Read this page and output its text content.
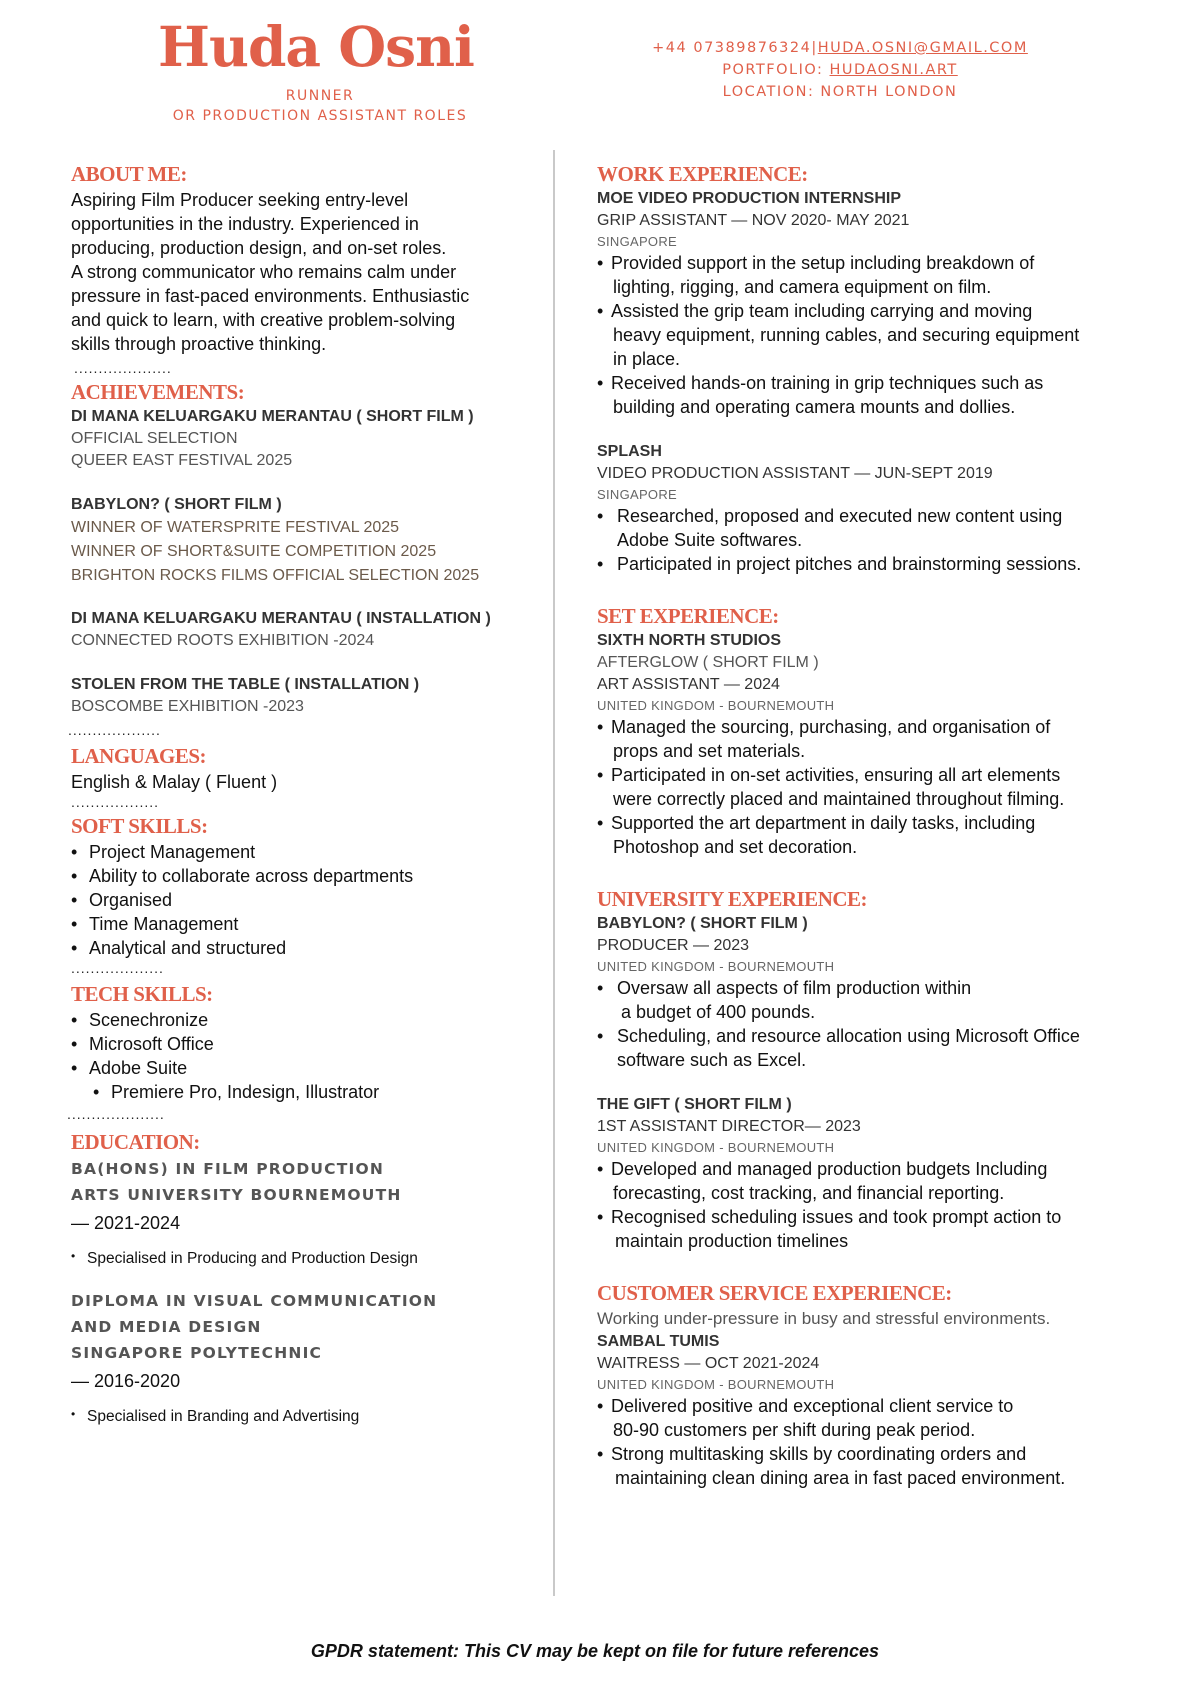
Huda Osni
RUNNER
OR PRODUCTION ASSISTANT ROLES
+44 07389876324|HUDA.OSNI@GMAIL.COM
PORTFOLIO: HUDAOSNI.ART
LOCATION: NORTH LONDON
ABOUT ME:
Aspiring Film Producer seeking entry-level
opportunities in the industry. Experienced in
producing, production design, and on-set roles.
A strong communicator who remains calm under
pressure in fast-paced environments. Enthusiastic
and quick to learn, with creative problem-solving
skills through proactive thinking.
....................
ACHIEVEMENTS:
DI MANA KELUARGAKU MERANTAU ( SHORT FILM )
OFFICIAL SELECTION
QUEER EAST FESTIVAL 2025
BABYLON? ( SHORT FILM )
WINNER OF WATERSPRITE FESTIVAL 2025
WINNER OF SHORT&SUITE COMPETITION 2025
BRIGHTON ROCKS FILMS OFFICIAL SELECTION 2025
DI MANA KELUARGAKU MERANTAU ( INSTALLATION )
CONNECTED ROOTS EXHIBITION -2024
STOLEN FROM THE TABLE ( INSTALLATION )
BOSCOMBE EXHIBITION -2023
...................
LANGUAGES:
English & Malay ( Fluent )
..................
SOFT SKILLS:
• Project Management
• Ability to collaborate across departments
• Organised
• Time Management
• Analytical and structured
...................
TECH SKILLS:
• Scenechronize
• Microsoft Office
• Adobe Suite
• Premiere Pro, Indesign, Illustrator
....................
EDUCATION:
BA(HONS) IN FILM PRODUCTION
ARTS UNIVERSITY BOURNEMOUTH
— 2021-2024
• Specialised in Producing and Production Design
DIPLOMA IN VISUAL COMMUNICATION
AND MEDIA DESIGN
SINGAPORE POLYTECHNIC
— 2016-2020
• Specialised in Branding and Advertising
WORK EXPERIENCE:
MOE VIDEO PRODUCTION INTERNSHIP
GRIP ASSISTANT — NOV 2020- MAY 2021
SINGAPORE
• Provided support in the setup including breakdown of
lighting, rigging, and camera equipment on film.
• Assisted the grip team including carrying and moving
heavy equipment, running cables, and securing equipment
in place.
• Received hands-on training in grip techniques such as
building and operating camera mounts and dollies.
SPLASH
VIDEO PRODUCTION ASSISTANT — JUN-SEPT 2019
SINGAPORE
• Researched, proposed and executed new content using
Adobe Suite softwares.
• Participated in project pitches and brainstorming sessions.
SET EXPERIENCE:
SIXTH NORTH STUDIOS
AFTERGLOW ( SHORT FILM )
ART ASSISTANT — 2024
UNITED KINGDOM - BOURNEMOUTH
• Managed the sourcing, purchasing, and organisation of
props and set materials.
• Participated in on-set activities, ensuring all art elements
were correctly placed and maintained throughout filming.
• Supported the art department in daily tasks, including
Photoshop and set decoration.
UNIVERSITY EXPERIENCE:
BABYLON? ( SHORT FILM )
PRODUCER — 2023
UNITED KINGDOM - BOURNEMOUTH
• Oversaw all aspects of film production within
a budget of 400 pounds.
• Scheduling, and resource allocation using Microsoft Office
software such as Excel.
THE GIFT ( SHORT FILM )
1ST ASSISTANT DIRECTOR— 2023
UNITED KINGDOM - BOURNEMOUTH
• Developed and managed production budgets Including
forecasting, cost tracking, and financial reporting.
• Recognised scheduling issues and took prompt action to
maintain production timelines
CUSTOMER SERVICE EXPERIENCE:
Working under-pressure in busy and stressful environments.
SAMBAL TUMIS
WAITRESS — OCT 2021-2024
UNITED KINGDOM - BOURNEMOUTH
• Delivered positive and exceptional client service to
80-90 customers per shift during peak period.
• Strong multitasking skills by coordinating orders and
maintaining clean dining area in fast paced environment.
GPDR statement: This CV may be kept on file for future references
